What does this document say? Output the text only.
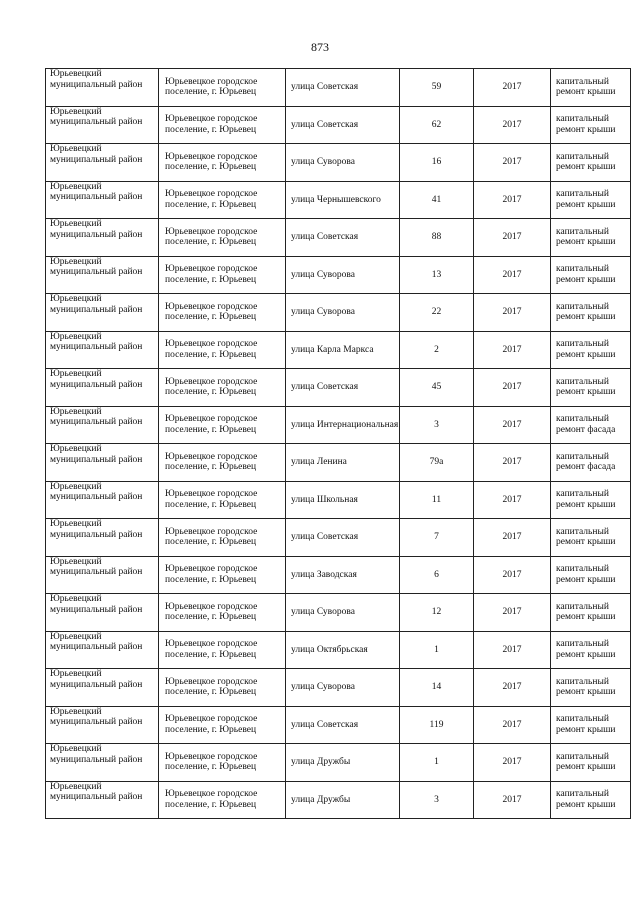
873
Юрьевецкий муниципальный район	Юрьевецкое городское поселение, г. Юрьевец	улица Советская	59	2017	капитальный ремонт крыши
Юрьевецкий муниципальный район	Юрьевецкое городское поселение, г. Юрьевец	улица Советская	62	2017	капитальный ремонт крыши
Юрьевецкий муниципальный район	Юрьевецкое городское поселение, г. Юрьевец	улица Суворова	16	2017	капитальный ремонт крыши
Юрьевецкий муниципальный район	Юрьевецкое городское поселение, г. Юрьевец	улица Чернышевского	41	2017	капитальный ремонт крыши
Юрьевецкий муниципальный район	Юрьевецкое городское поселение, г. Юрьевец	улица Советская	88	2017	капитальный ремонт крыши
Юрьевецкий муниципальный район	Юрьевецкое городское поселение, г. Юрьевец	улица Суворова	13	2017	капитальный ремонт крыши
Юрьевецкий муниципальный район	Юрьевецкое городское поселение, г. Юрьевец	улица Суворова	22	2017	капитальный ремонт крыши
Юрьевецкий муниципальный район	Юрьевецкое городское поселение, г. Юрьевец	улица Карла Маркса	2	2017	капитальный ремонт крыши
Юрьевецкий муниципальный район	Юрьевецкое городское поселение, г. Юрьевец	улица Советская	45	2017	капитальный ремонт крыши
Юрьевецкий муниципальный район	Юрьевецкое городское поселение, г. Юрьевец	улица Интернациональная	3	2017	капитальный ремонт фасада
Юрьевецкий муниципальный район	Юрьевецкое городское поселение, г. Юрьевец	улица Ленина	79а	2017	капитальный ремонт фасада
Юрьевецкий муниципальный район	Юрьевецкое городское поселение, г. Юрьевец	улица Школьная	11	2017	капитальный ремонт крыши
Юрьевецкий муниципальный район	Юрьевецкое городское поселение, г. Юрьевец	улица Советская	7	2017	капитальный ремонт крыши
Юрьевецкий муниципальный район	Юрьевецкое городское поселение, г. Юрьевец	улица Заводская	6	2017	капитальный ремонт крыши
Юрьевецкий муниципальный район	Юрьевецкое городское поселение, г. Юрьевец	улица Суворова	12	2017	капитальный ремонт крыши
Юрьевецкий муниципальный район	Юрьевецкое городское поселение, г. Юрьевец	улица Октябрьская	1	2017	капитальный ремонт крыши
Юрьевецкий муниципальный район	Юрьевецкое городское поселение, г. Юрьевец	улица Суворова	14	2017	капитальный ремонт крыши
Юрьевецкий муниципальный район	Юрьевецкое городское поселение, г. Юрьевец	улица Советская	119	2017	капитальный ремонт крыши
Юрьевецкий муниципальный район	Юрьевецкое городское поселение, г. Юрьевец	улица Дружбы	1	2017	капитальный ремонт крыши
Юрьевецкий муниципальный район	Юрьевецкое городское поселение, г. Юрьевец	улица Дружбы	3	2017	капитальный ремонт крыши
